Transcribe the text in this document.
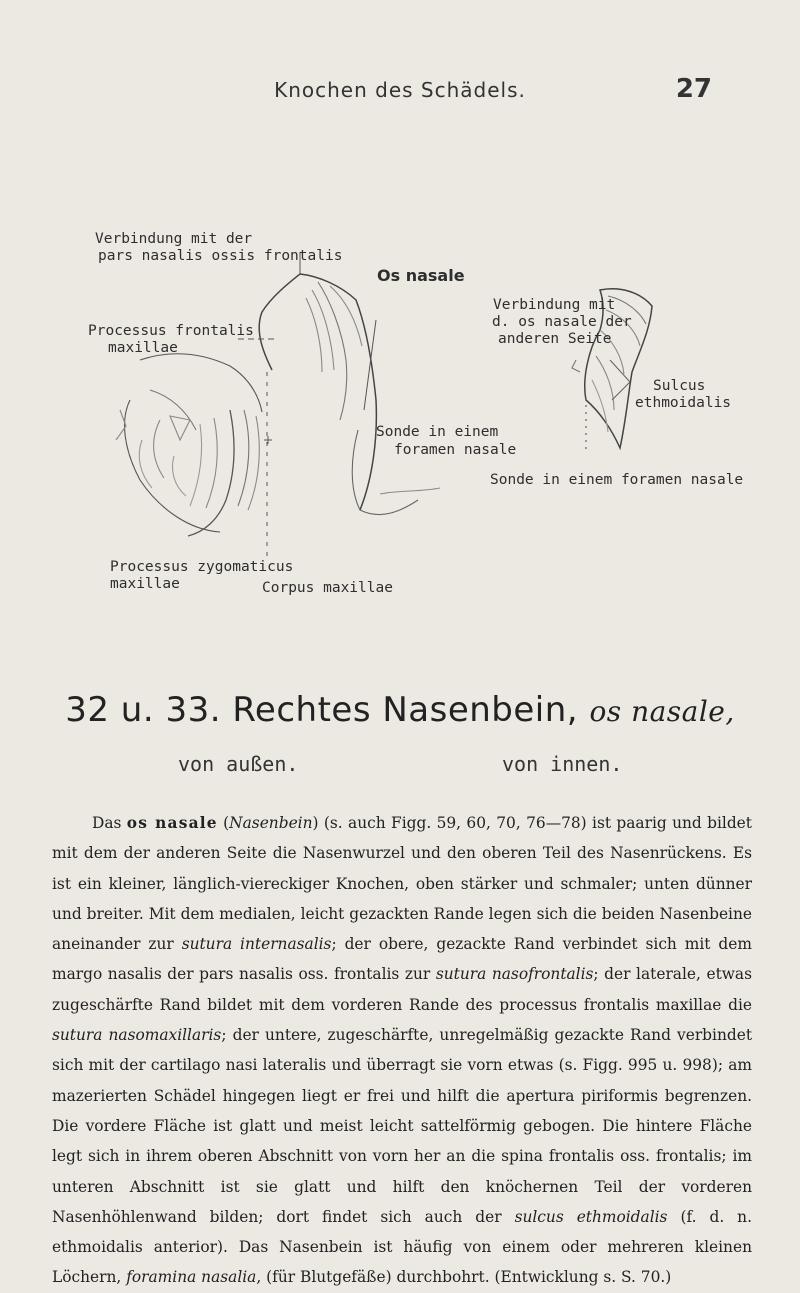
Knochen des Schädels.	27
Verbindung mit der
pars nasalis ossis frontalis
Os nasale
Processus frontalis
maxillae
Sonde in einem
foramen nasale
Processus zygomaticus
maxillae	Corpus maxillae
Verbindung mit
d. os nasale der
anderen Seite
Sulcus
ethmoidalis
Sonde in einem foramen nasale
32 u. 33. Rechtes Nasenbein, os nasale,
von außen.	von innen.
Das os nasale (Nasenbein) (s. auch Figg. 59, 60, 70, 76—78) ist paarig und bildet mit dem der anderen Seite die Nasenwurzel und den oberen Teil des Nasenrückens. Es ist ein kleiner, länglich-viereckiger Knochen, oben stärker und schmaler; unten dünner und breiter. Mit dem medialen, leicht gezackten Rande legen sich die beiden Nasenbeine aneinander zur sutura internasalis; der obere, gezackte Rand verbindet sich mit dem margo nasalis der pars nasalis oss. frontalis zur sutura nasofrontalis; der laterale, etwas zugeschärfte Rand bildet mit dem vorderen Rande des processus frontalis maxillae die sutura nasomaxillaris; der untere, zugeschärfte, unregelmäßig gezackte Rand verbindet sich mit der cartilago nasi lateralis und überragt sie vorn etwas (s. Figg. 995 u. 998); am mazerierten Schädel hingegen liegt er frei und hilft die apertura piriformis begrenzen. Die vordere Fläche ist glatt und meist leicht sattelförmig gebogen. Die hintere Fläche legt sich in ihrem oberen Abschnitt von vorn her an die spina frontalis oss. frontalis; im unteren Abschnitt ist sie glatt und hilft den knöchernen Teil der vorderen Nasenhöhlenwand bilden; dort findet sich auch der sulcus ethmoidalis (f. d. n. ethmoidalis anterior). Das Nasenbein ist häufig von einem oder mehreren kleinen Löchern, foramina nasalia, (für Blutgefäße) durchbohrt. (Entwicklung s. S. 70.)
